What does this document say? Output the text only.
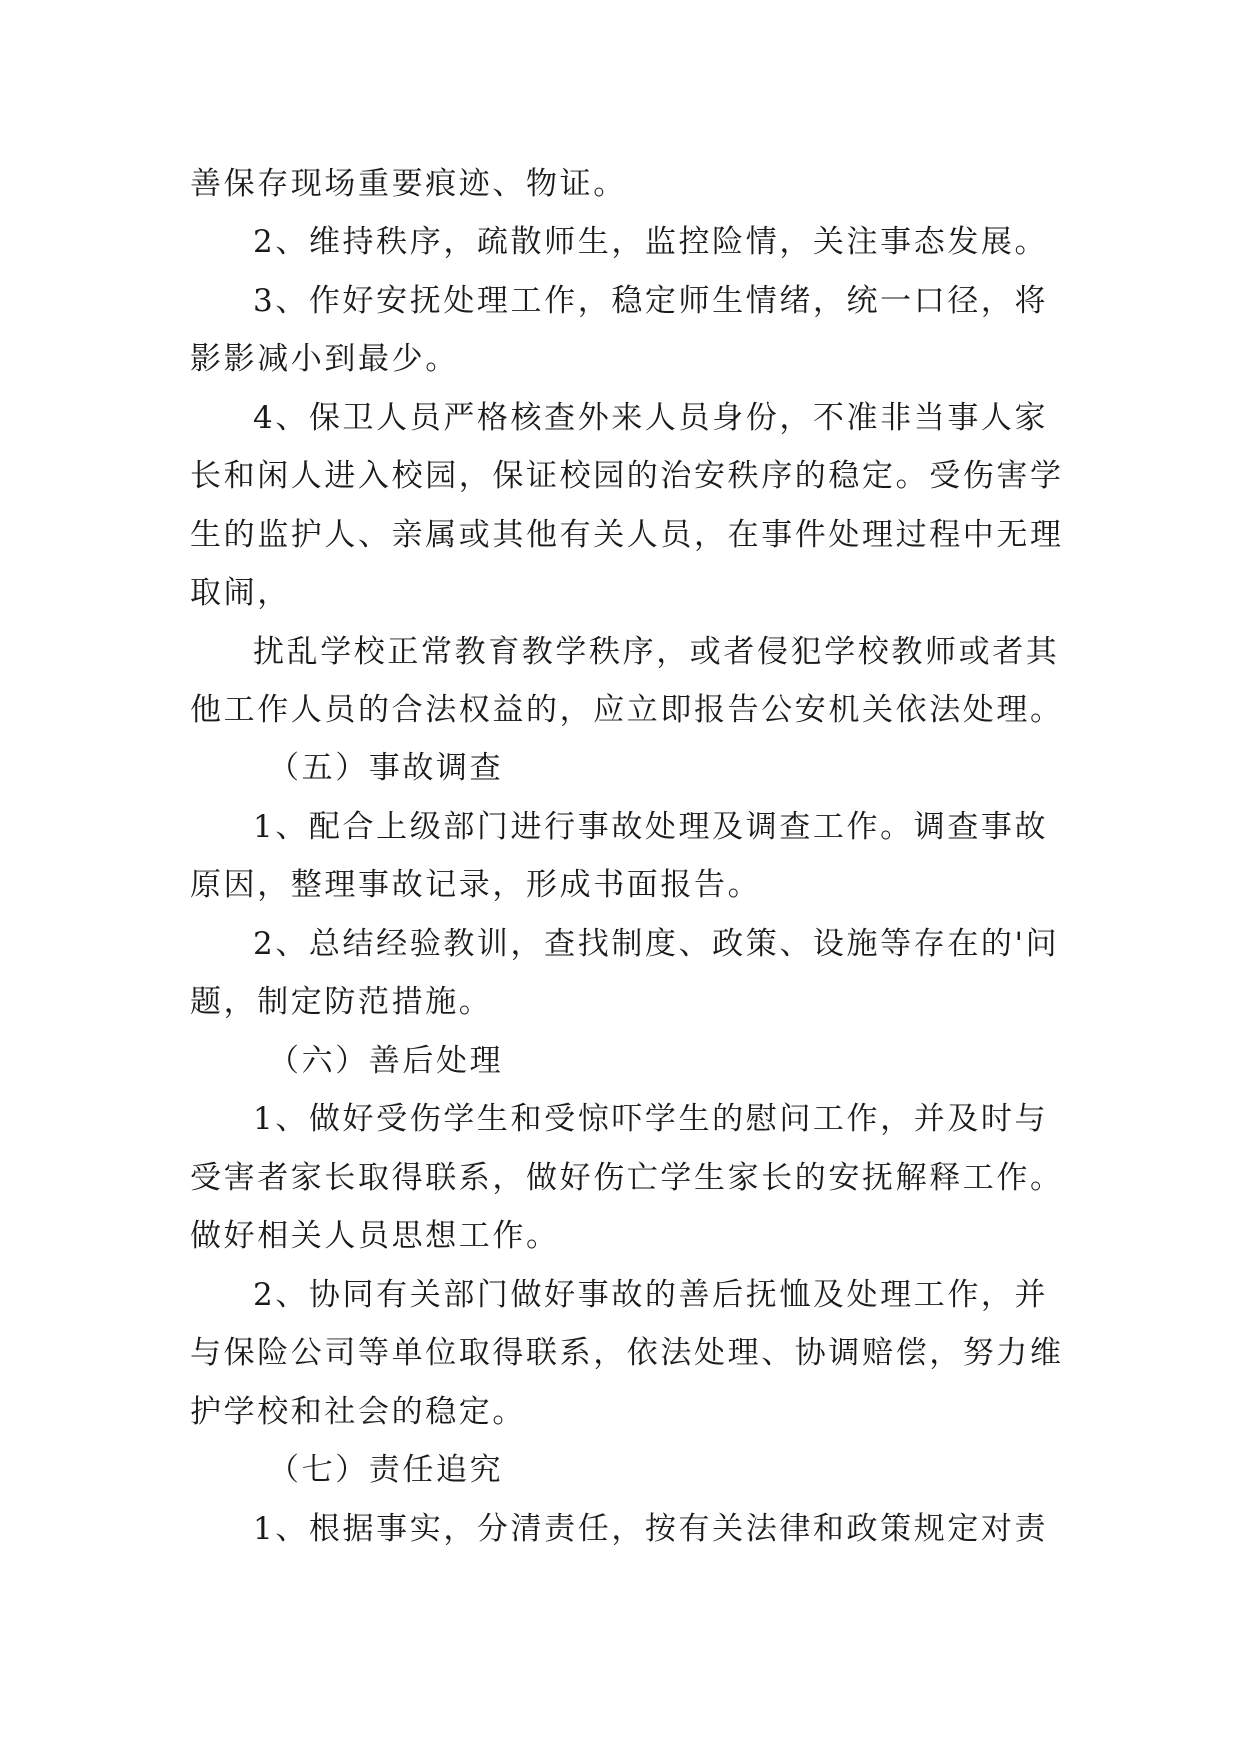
善保存现场重要痕迹、物证。
2、维持秩序，疏散师生，监控险情，关注事态发展。
3、作好安抚处理工作，稳定师生情绪，统一口径，将
影影减小到最少。
4、保卫人员严格核查外来人员身份，不准非当事人家
长和闲人进入校园，保证校园的治安秩序的稳定。受伤害学
生的监护人、亲属或其他有关人员，在事件处理过程中无理
取闹，
扰乱学校正常教育教学秩序，或者侵犯学校教师或者其
他工作人员的合法权益的，应立即报告公安机关依法处理。
（五）事故调查
1、配合上级部门进行事故处理及调查工作。调查事故
原因，整理事故记录，形成书面报告。
2、总结经验教训，查找制度、政策、设施等存在的'问
题，制定防范措施。
（六）善后处理
1、做好受伤学生和受惊吓学生的慰问工作，并及时与
受害者家长取得联系，做好伤亡学生家长的安抚解释工作。
做好相关人员思想工作。
2、协同有关部门做好事故的善后抚恤及处理工作，并
与保险公司等单位取得联系，依法处理、协调赔偿，努力维
护学校和社会的稳定。
（七）责任追究
1、根据事实，分清责任，按有关法律和政策规定对责
